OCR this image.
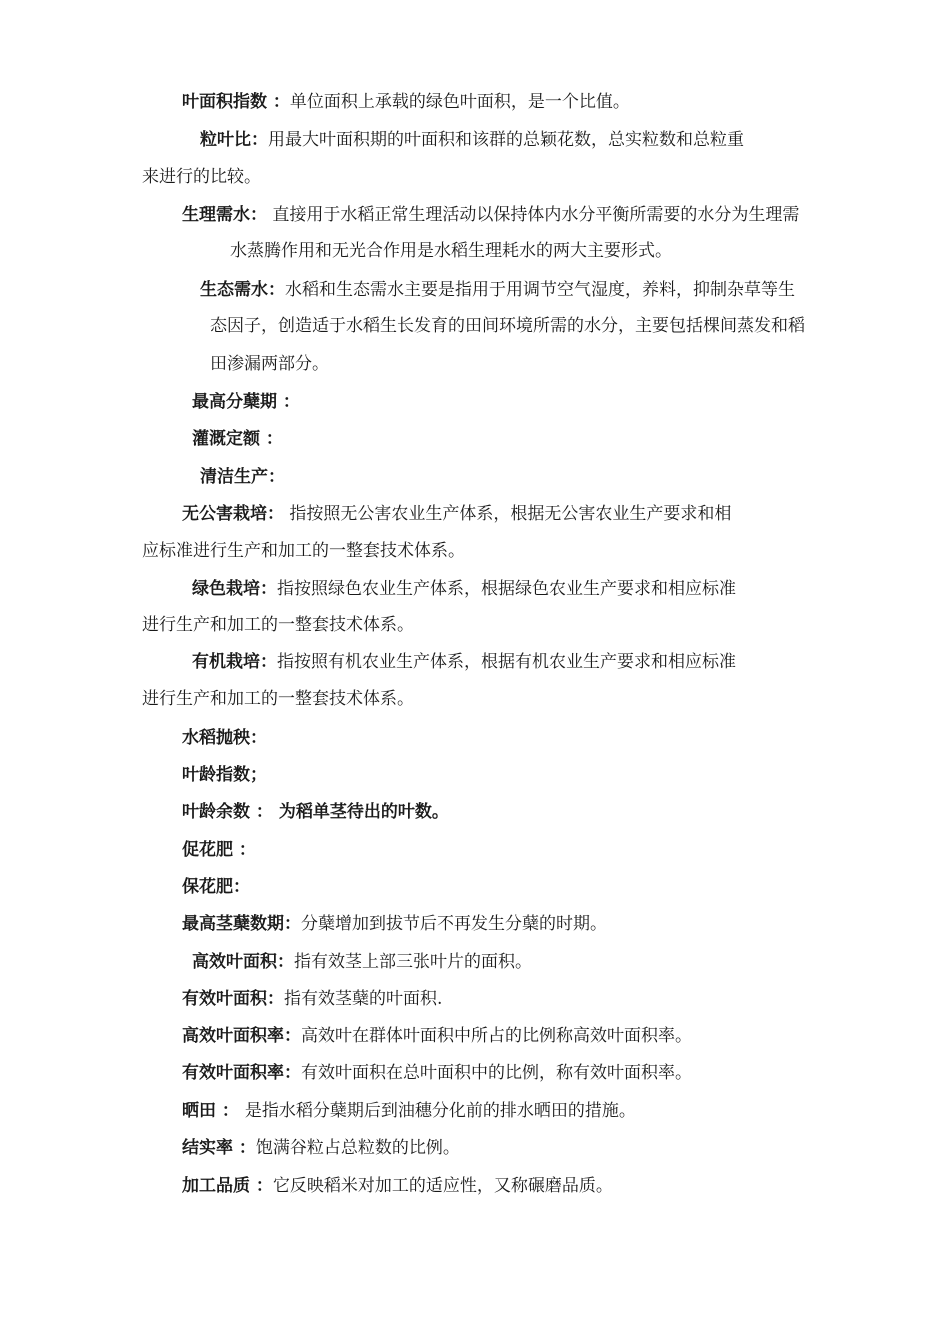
叶面积指数 ：单位面积上承载的绿色叶面积，是一个比值。
粒叶比：用最大叶面积期的叶面积和该群的总颖花数，总实粒数和总粒重
来进行的比较。
生理需水： 直接用于水稻正常生理活动以保持体内水分平衡所需要的水分为生理需
水蒸腾作用和无光合作用是水稻生理耗水的两大主要形式。
生态需水：水稻和生态需水主要是指用于用调节空气湿度，养料，抑制杂草等生
态因子，创造适于水稻生长发育的田间环境所需的水分，主要包括棵间蒸发和稻
田渗漏两部分。
最高分蘖期 ：
灌溉定额 ：
清洁生产：
无公害栽培： 指按照无公害农业生产体系，根据无公害农业生产要求和相
应标准进行生产和加工的一整套技术体系。
绿色栽培：指按照绿色农业生产体系，根据绿色农业生产要求和相应标准
进行生产和加工的一整套技术体系。
有机栽培：指按照有机农业生产体系，根据有机农业生产要求和相应标准
进行生产和加工的一整套技术体系。
水稻抛秧：
叶龄指数；
叶龄余数 ： 为稻单茎待出的叶数。
促花肥 ：
保花肥：
最高茎蘖数期：分蘖增加到拔节后不再发生分蘖的时期。
高效叶面积：指有效茎上部三张叶片的面积。
有效叶面积：指有效茎蘖的叶面积.
高效叶面积率：高效叶在群体叶面积中所占的比例称高效叶面积率。
有效叶面积率：有效叶面积在总叶面积中的比例，称有效叶面积率。
晒田 ： 是指水稻分蘖期后到油穗分化前的排水晒田的措施。
结实率 ：饱满谷粒占总粒数的比例。
加工品质 ：它反映稻米对加工的适应性，又称碾磨品质。
